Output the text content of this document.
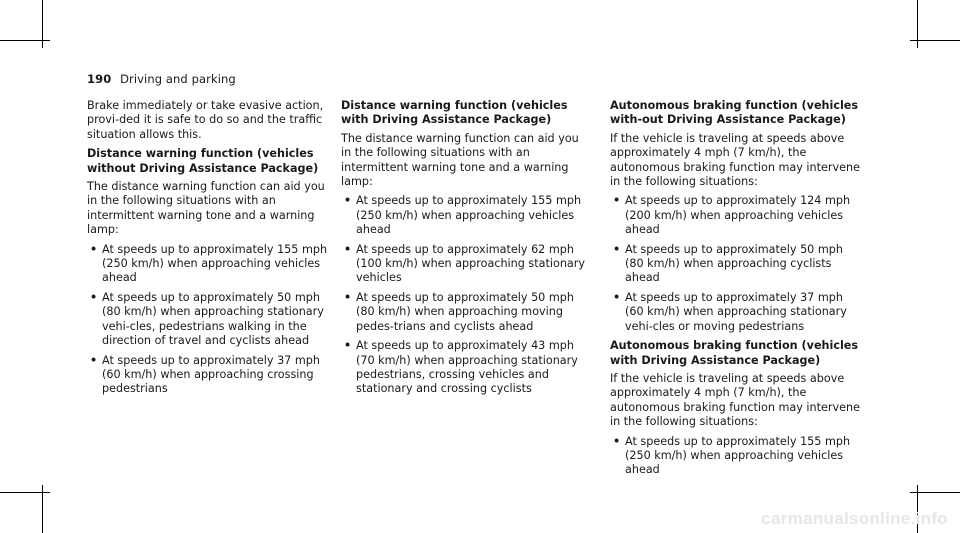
190 Driving and parking

Brake immediately or take evasive action, provi-ded it is safe to do so and the traffic situation allows this.

Distance warning function (vehicles without Driving Assistance Package)

The distance warning function can aid you in the following situations with an intermittent warning tone and a warning lamp:

• At speeds up to approximately 155 mph (250 km/h) when approaching vehicles ahead
• At speeds up to approximately 50 mph (80 km/h) when approaching stationary vehi-cles, pedestrians walking in the direction of travel and cyclists ahead
• At speeds up to approximately 37 mph (60 km/h) when approaching crossing pedestrians
Distance warning function (vehicles with Driving Assistance Package)

The distance warning function can aid you in the following situations with an intermittent warning tone and a warning lamp:

• At speeds up to approximately 155 mph (250 km/h) when approaching vehicles ahead
• At speeds up to approximately 62 mph (100 km/h) when approaching stationary vehicles
• At speeds up to approximately 50 mph (80 km/h) when approaching moving pedes-trians and cyclists ahead
• At speeds up to approximately 43 mph (70 km/h) when approaching stationary pedestrians, crossing vehicles and stationary and crossing cyclists
Autonomous braking function (vehicles with-out Driving Assistance Package)

If the vehicle is traveling at speeds above approximately 4 mph (7 km/h), the autonomous braking function may intervene in the following situations:

• At speeds up to approximately 124 mph (200 km/h) when approaching vehicles ahead
• At speeds up to approximately 50 mph (80 km/h) when approaching cyclists ahead
• At speeds up to approximately 37 mph (60 km/h) when approaching stationary vehi-cles or moving pedestrians
Autonomous braking function (vehicles with Driving Assistance Package)

If the vehicle is traveling at speeds above approximately 4 mph (7 km/h), the autonomous braking function may intervene in the following situations:

• At speeds up to approximately 155 mph (250 km/h) when approaching vehicles ahead
carmanualsonline.info
